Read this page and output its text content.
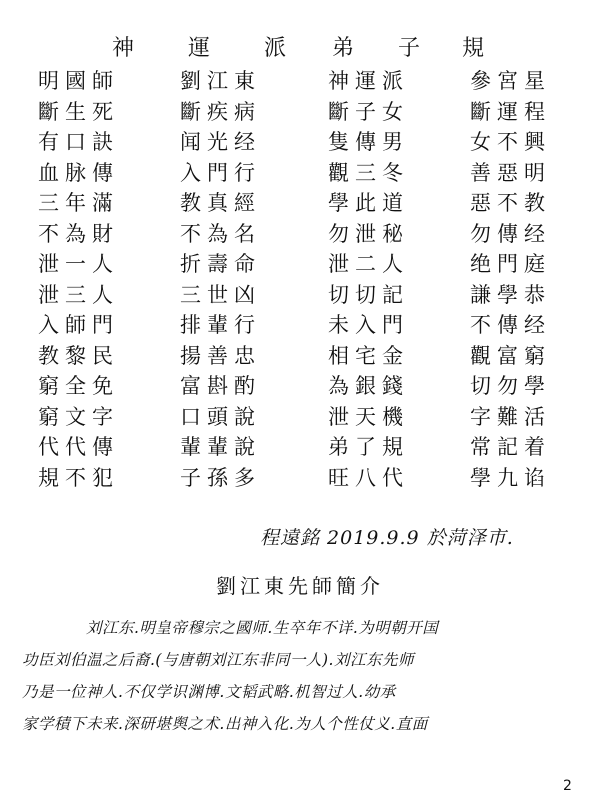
神 運 派 弟 子 規
明國師	劉江東	神運派	參宮星
斷生死	斷疾病	斷子女	斷運程
有口訣	闻光经	隻傳男	女不興
血脉傳	入門行	觀三冬	善惡明
三年滿	教真經	學此道	惡不教
不為財	不為名	勿泄秘	勿傳经
泄一人	折壽命	泄二人	绝門庭
泄三人	三世凶	切切記	謙學恭
入師門	排輩行	未入門	不傳经
教黎民	揚善忠	相宅金	觀富窮
窮全免	富斟酌	為銀錢	切勿學
窮文字	口頭說	泄天機	字難活
代代傳	輩輩說	弟了規	常記着
規不犯	子孫多	旺八代	學九谄
程遠銘 2019.9.9 於菏泽市.
劉江東先師簡介
刘江东.明皇帝穆宗之國师.生卒年不详.为明朝开国
功臣刘伯温之后裔.(与唐朝刘江东非同一人).刘江东先师
乃是一位神人.不仅学识渊博.文韬武略.机智过人.幼承
家学積下未来.深研堪舆之术.出神入化.为人个性仗义.直面
2
